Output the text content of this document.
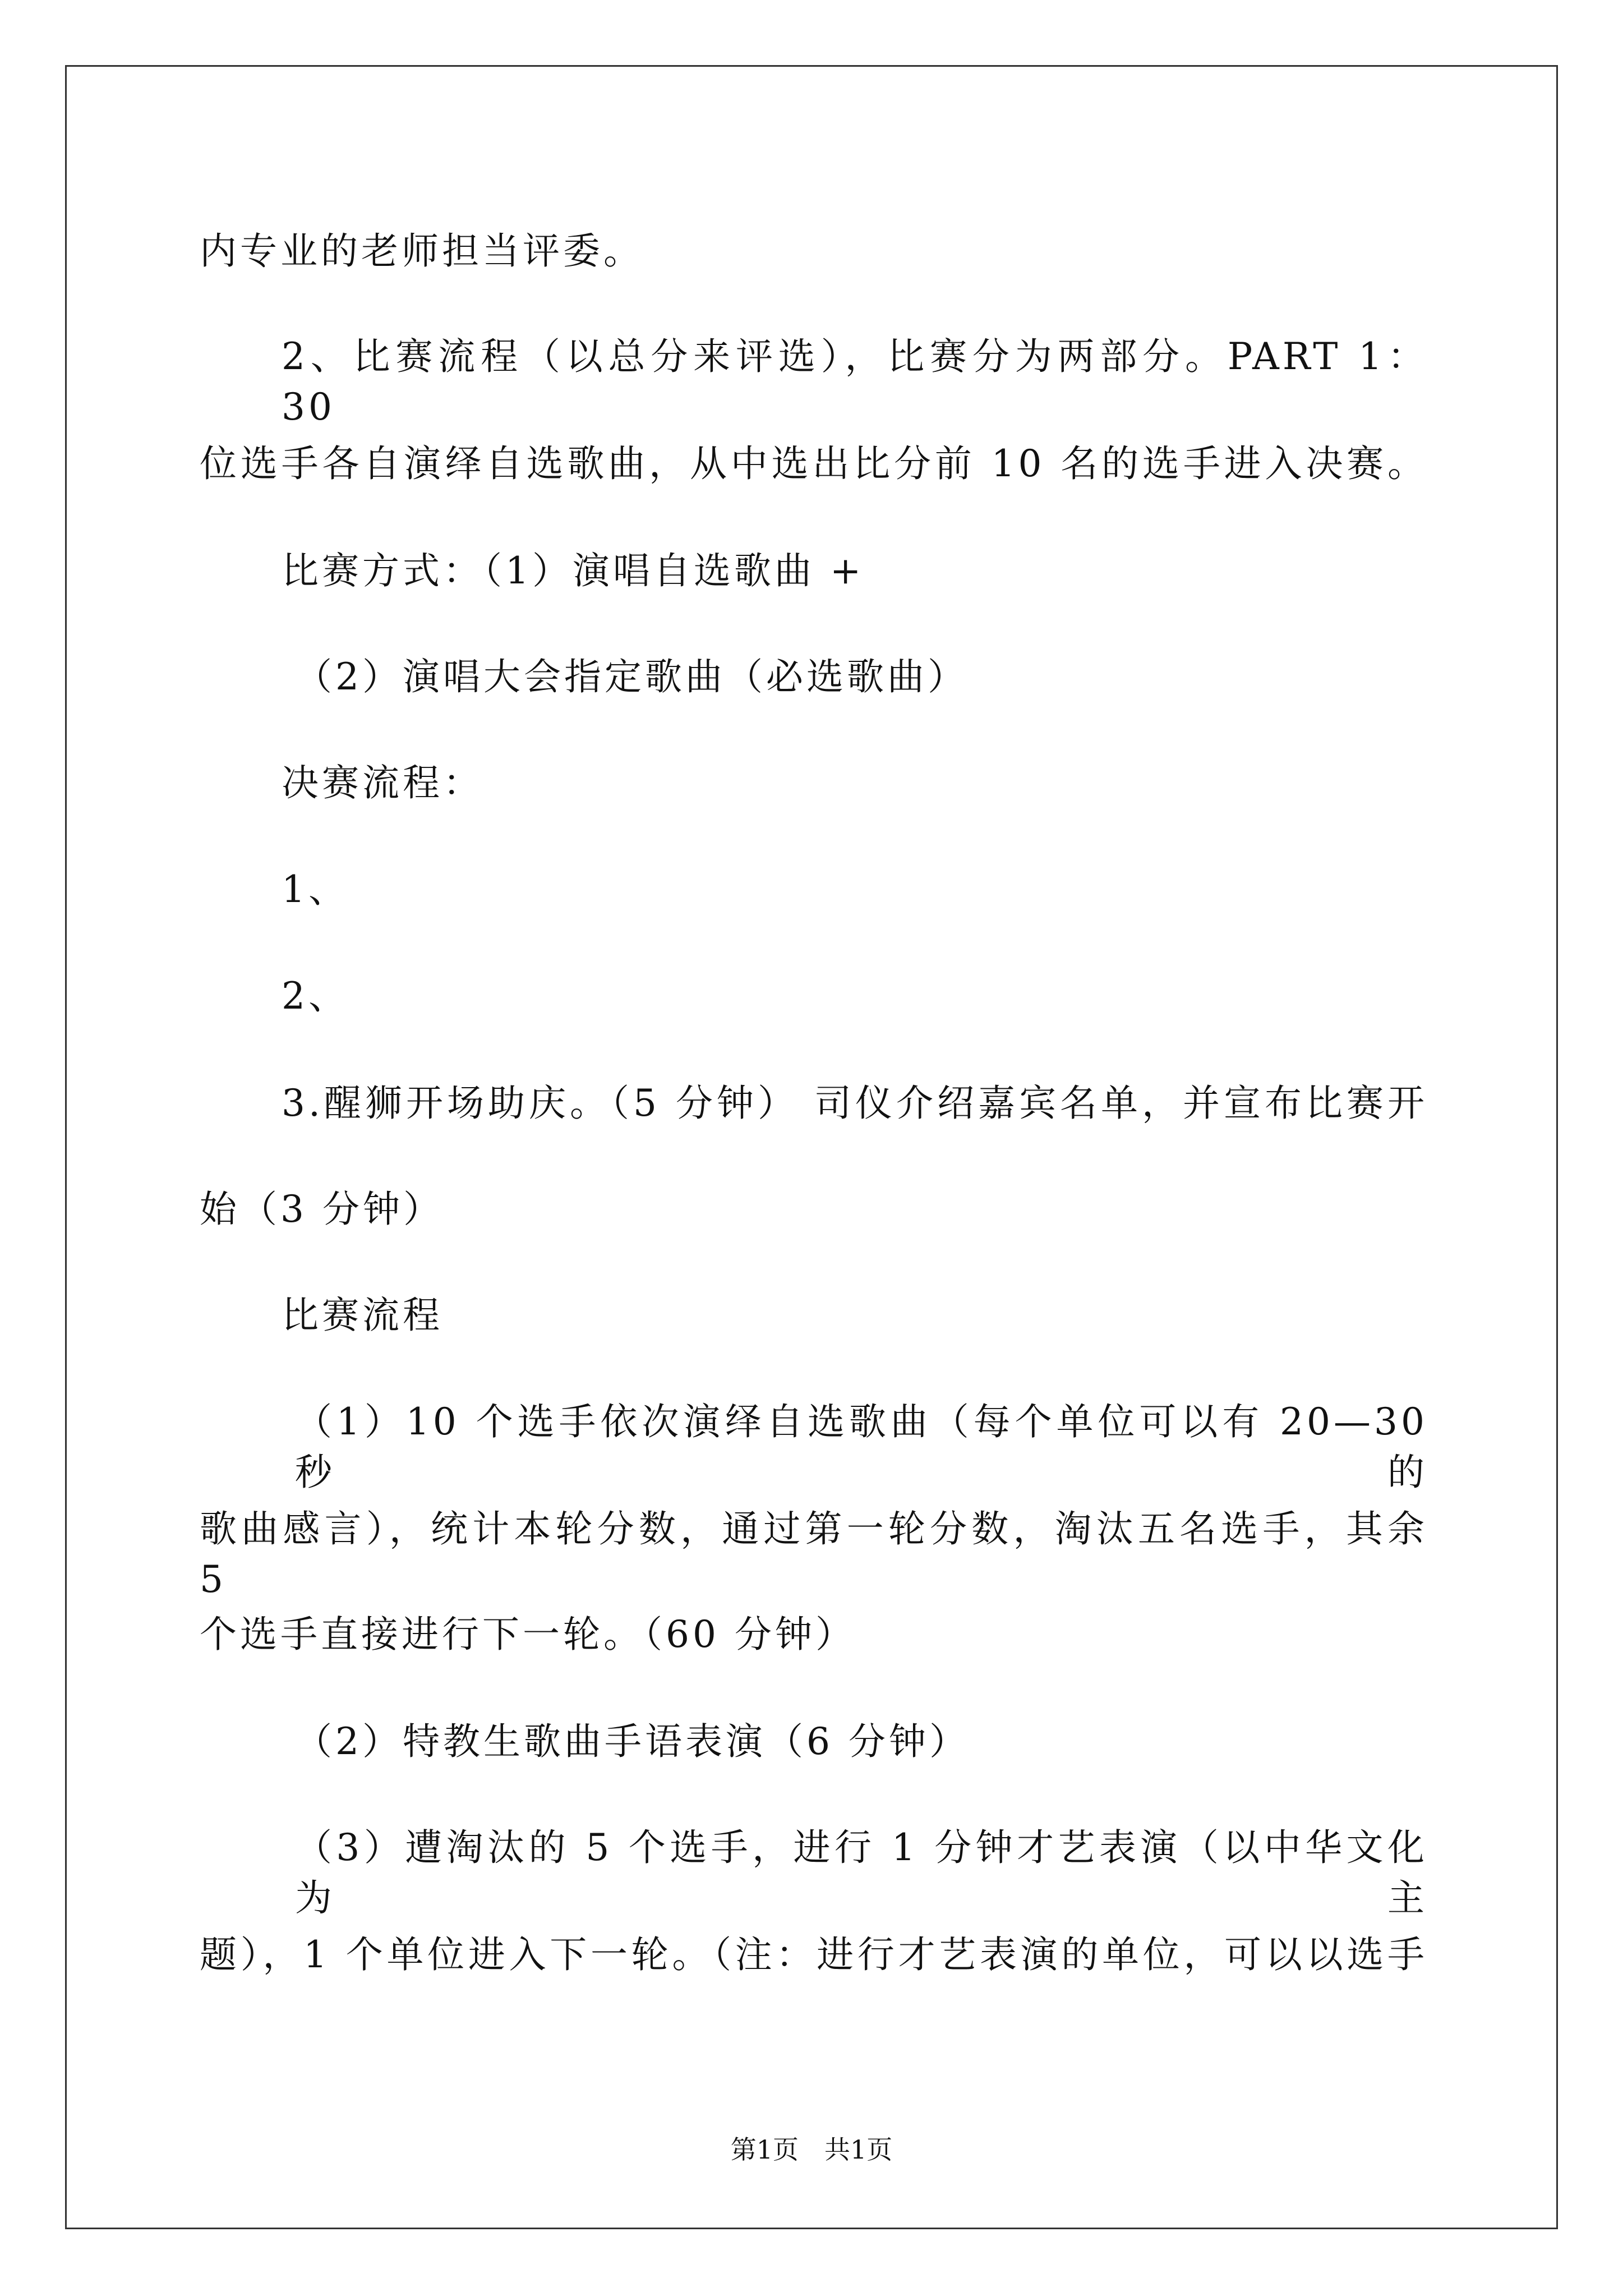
内专业的老师担当评委。
2、比赛流程（以总分来评选），比赛分为两部分。PART 1： 30
位选手各自演绎自选歌曲，从中选出比分前 10 名的选手进入决赛。
比赛方式：（1）演唱自选歌曲 +
（2）演唱大会指定歌曲（必选歌曲）
决赛流程：
1、
2、
3.醒狮开场助庆。（5 分钟） 司仪介绍嘉宾名单，并宣布比赛开
始（3 分钟）
比赛流程
（1）10 个选手依次演绎自选歌曲（每个单位可以有 20—30 秒的
歌曲感言），统计本轮分数，通过第一轮分数，淘汰五名选手，其余 5
个选手直接进行下一轮。（60 分钟）
（2）特教生歌曲手语表演（6 分钟）
（3）遭淘汰的 5 个选手，进行 1 分钟才艺表演（以中华文化为主
题），1 个单位进入下一轮。（注：进行才艺表演的单位，可以以选手
第1页　共1页
